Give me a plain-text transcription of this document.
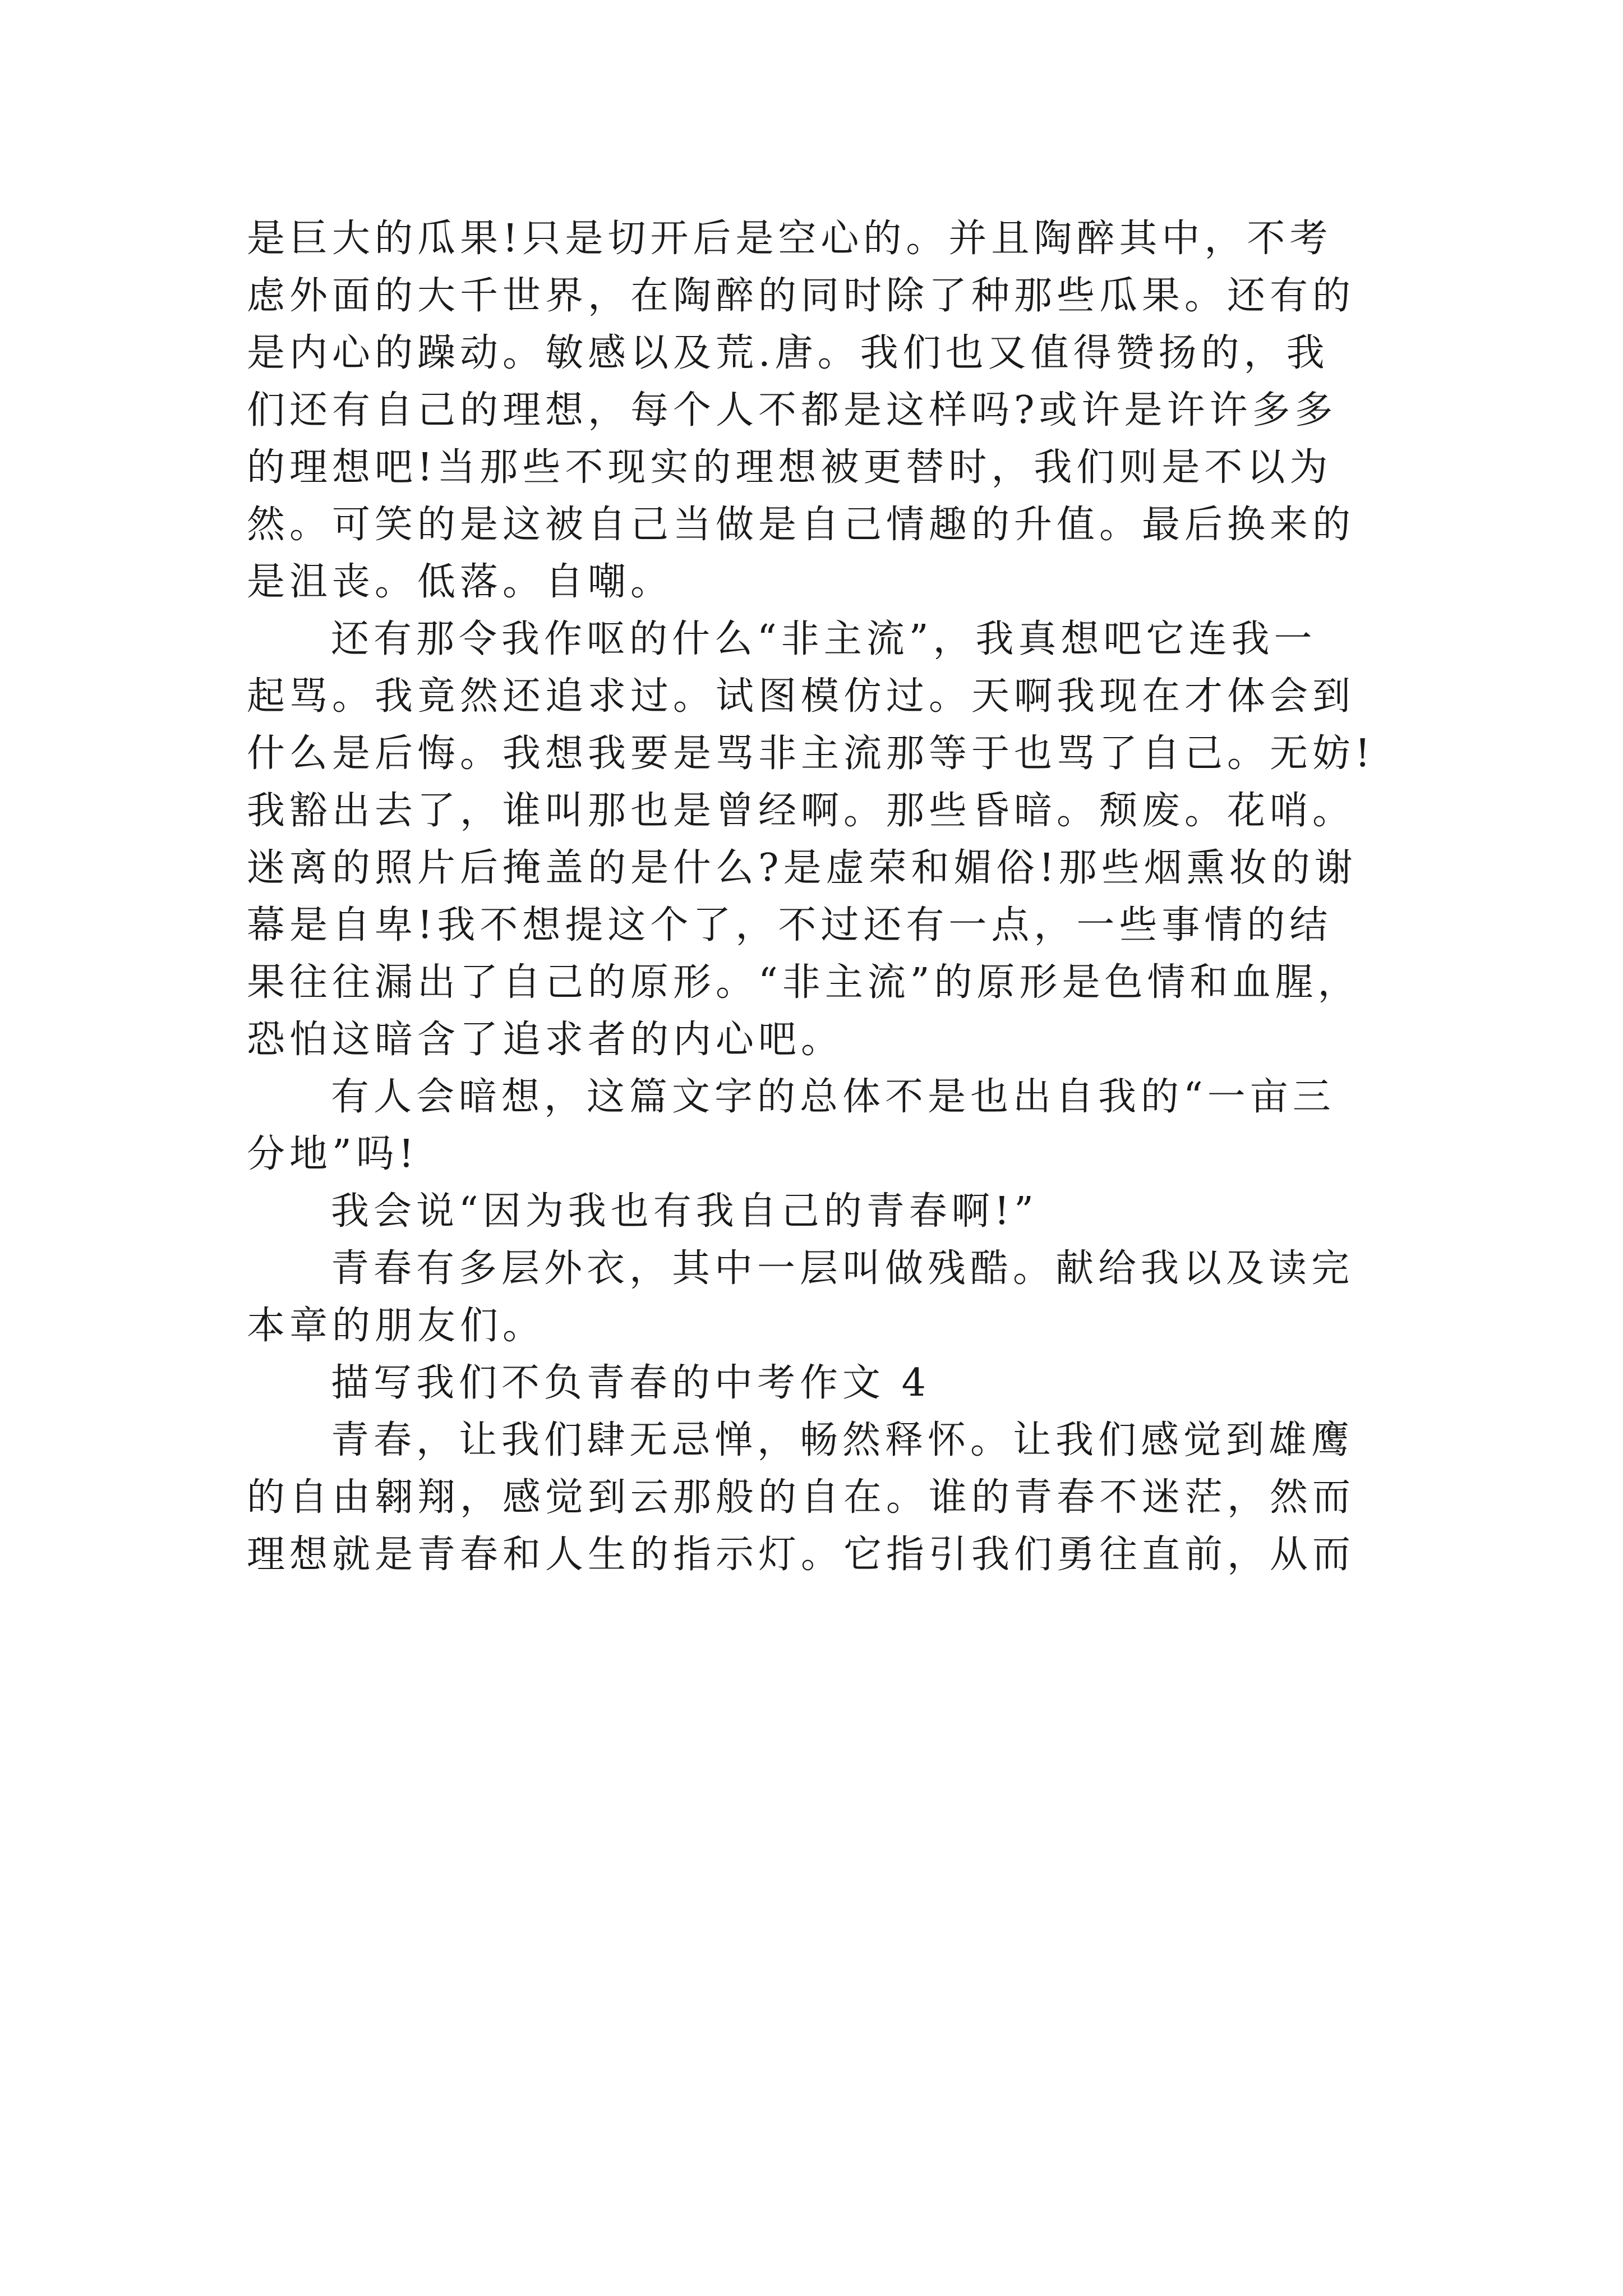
是巨大的瓜果!只是切开后是空心的。并且陶醉其中，不考
虑外面的大千世界，在陶醉的同时除了种那些瓜果。还有的
是内心的躁动。敏感以及荒.唐。我们也又值得赞扬的，我
们还有自己的理想，每个人不都是这样吗?或许是许许多多
的理想吧!当那些不现实的理想被更替时，我们则是不以为
然。可笑的是这被自己当做是自己情趣的升值。最后换来的
是沮丧。低落。自嘲。
还有那令我作呕的什么“非主流”，我真想吧它连我一
起骂。我竟然还追求过。试图模仿过。天啊我现在才体会到
什么是后悔。我想我要是骂非主流那等于也骂了自己。无妨!
我豁出去了，谁叫那也是曾经啊。那些昏暗。颓废。花哨。
迷离的照片后掩盖的是什么?是虚荣和媚俗!那些烟熏妆的谢
幕是自卑!我不想提这个了，不过还有一点，一些事情的结
果往往漏出了自己的原形。“非主流”的原形是色情和血腥，
恐怕这暗含了追求者的内心吧。
有人会暗想，这篇文字的总体不是也出自我的“一亩三
分地”吗!
我会说“因为我也有我自己的青春啊!”
青春有多层外衣，其中一层叫做残酷。献给我以及读完
本章的朋友们。
描写我们不负青春的中考作文 4
青春，让我们肆无忌惮，畅然释怀。让我们感觉到雄鹰
的自由翱翔，感觉到云那般的自在。谁的青春不迷茫，然而
理想就是青春和人生的指示灯。它指引我们勇往直前，从而
